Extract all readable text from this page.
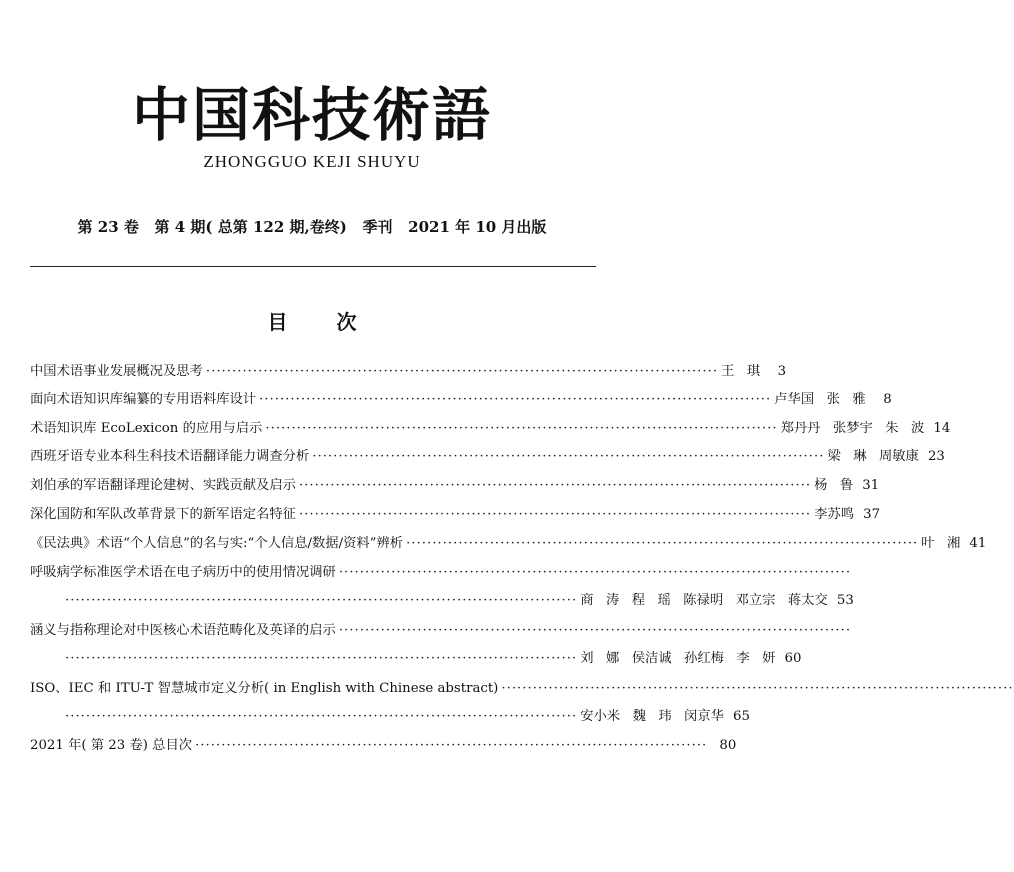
中国科技術語
ZHONGGUO KEJI SHUYU
第 23 卷   第 4 期( 总第 122 期,卷终)   季刊   2021 年 10 月出版
目 次
中国术语事业发展概况及思考 ·································································································· 王  琪	3
面向术语知识库编纂的专用语料库设计 ·································································································· 卢华国  张  雅	8
术语知识库 EcoLexicon 的应用与启示 ·································································································· 郑丹丹  张梦宇  朱  波 14
西班牙语专业本科生科技术语翻译能力调查分析 ·································································································· 梁  琳  周敏康 23
刘伯承的军语翻译理论建树、实践贡献及启示 ·································································································· 杨  鲁 31
深化国防和军队改革背景下的新军语定名特征 ·································································································· 李苏鸣 37
《民法典》术语“个人信息”的名与实:“个人信息/数据/资料”辨析 ·································································································· 叶  湘 41
呼吸病学标准医学术语在电子病历中的使用情况调研 ··································································································
·································································································· 商  涛  程  瑶  陈禄明  邓立宗  蒋太交 53
涵义与指称理论对中医核心术语范畴化及英译的启示 ··································································································
·································································································· 刘  娜  侯洁诚  孙红梅  李  妍 60
ISO、IEC 和 ITU-T 智慧城市定义分析( in English with Chinese abstract) ··································································································
·································································································· 安小米  魏  玮  闵京华 65
2021 年( 第 23 卷) 总目次 ·································································································· 80
